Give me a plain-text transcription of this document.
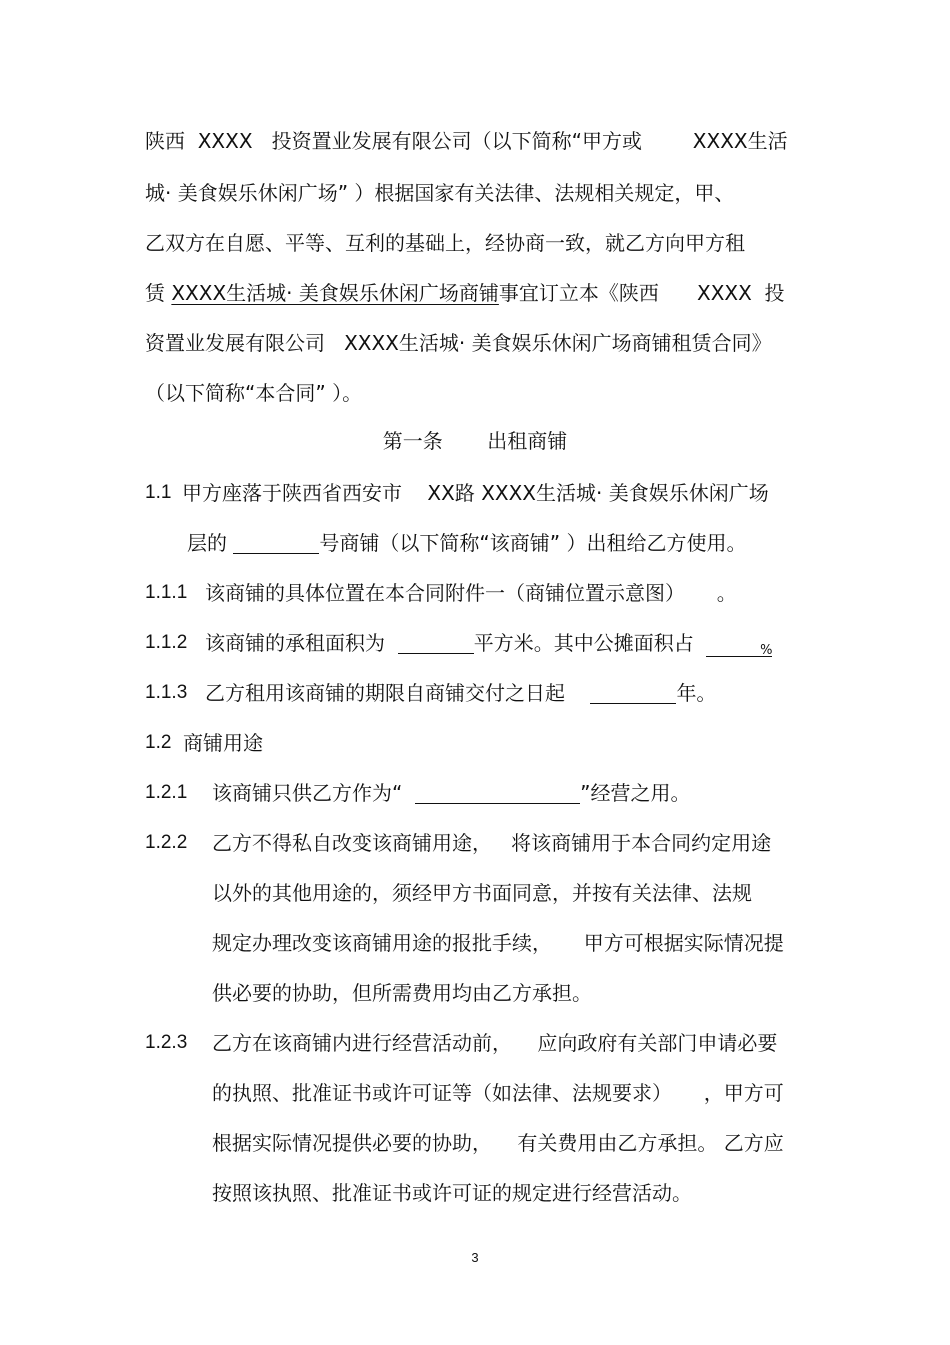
陕西  XXXX   投资置业发展有限公司（以下简称“甲方或        XXXX生活
城· 美食娱乐休闲广场” ）根据国家有关法律、法规相关规定，甲、
乙双方在自愿、平等、互利的基础上，经协商一致，就乙方向甲方租
赁 XXXX生活城· 美食娱乐休闲广场商铺事宜订立本《陕西      XXXX  投
资置业发展有限公司   XXXX生活城· 美食娱乐休闲广场商铺租赁合同》
（以下简称“本合同” ）。
第一条       出租商铺
1.1 甲方座落于陕西省西安市    XX路 XXXX生活城· 美食娱乐休闲广场
层的	号商铺（以下简称“该商铺” ）出租给乙方使用。
1.1.1 该商铺的具体位置在本合同附件一（商铺位置示意图）     。
1.1.2 该商铺的承租面积为	平方米。其中公摊面积占	%
1.1.3 乙方租用该商铺的期限自商铺交付之日起	年。
1.2 商铺用途
1.2.1 该商铺只供乙方作为“	”经营之用。
1.2.2 乙方不得私自改变该商铺用途，   将该商铺用于本合同约定用途
以外的其他用途的，须经甲方书面同意，并按有关法律、法规
规定办理改变该商铺用途的报批手续，     甲方可根据实际情况提
供必要的协助，但所需费用均由乙方承担。
1.2.3 乙方在该商铺内进行经营活动前，    应向政府有关部门申请必要
的执照、批准证书或许可证等（如法律、法规要求）     ，甲方可
根据实际情况提供必要的协助，    有关费用由乙方承担。 乙方应
按照该执照、批准证书或许可证的规定进行经营活动。
3
